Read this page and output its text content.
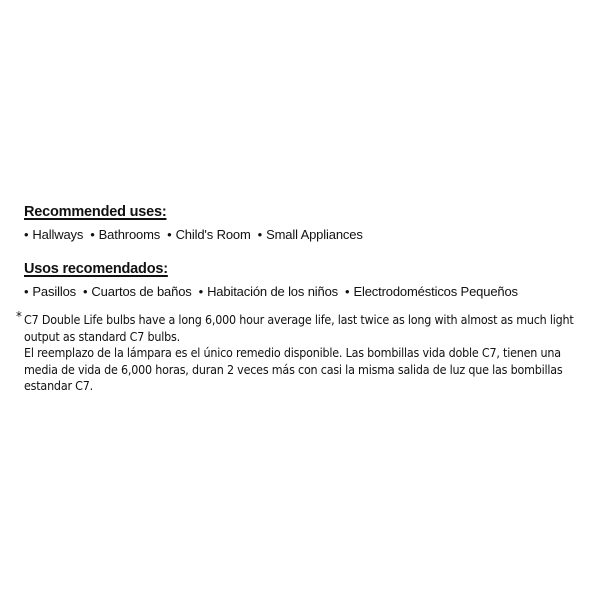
Recommended uses:
• Hallways	• Bathrooms	• Child's Room	• Small Appliances
Usos recomendados:
• Pasillos	• Cuartos de baños	• Habitación de los niños	• Electrodomésticos Pequeños
* C7 Double Life bulbs have a long 6,000 hour average life, last twice as long with almost as much light output as standard C7 bulbs.

El reemplazo de la lámpara es el único remedio disponible. Las bombillas vida doble C7, tienen una media de vida de 6,000 horas, duran 2 veces más con casi la misma salida de luz que las bombillas estandar C7.
